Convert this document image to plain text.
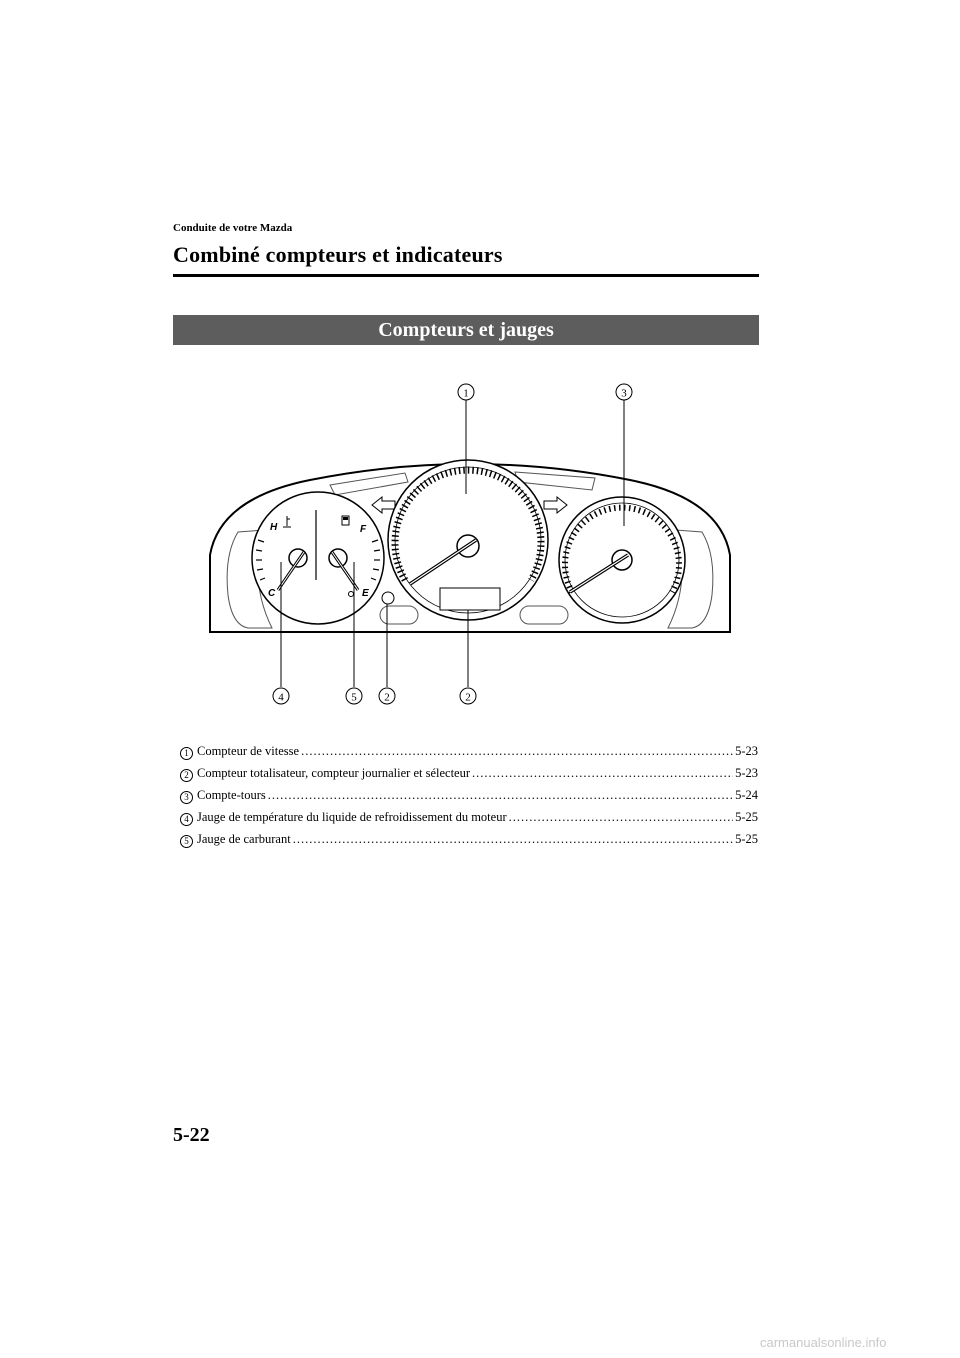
Conduite de votre Mazda
Combiné compteurs et indicateurs
Compteurs et jauges
H
C
F
E
1	3
4	5	2	2
1 Compteur de vitesse .....	5-23
2 Compteur totalisateur, compteur journalier et sélecteur .....	5-23
3 Compte-tours .....	5-24
4 Jauge de température du liquide de refroidissement du moteur .....	5-25
5 Jauge de carburant .....	5-25
5-22
carmanualsonline.info
